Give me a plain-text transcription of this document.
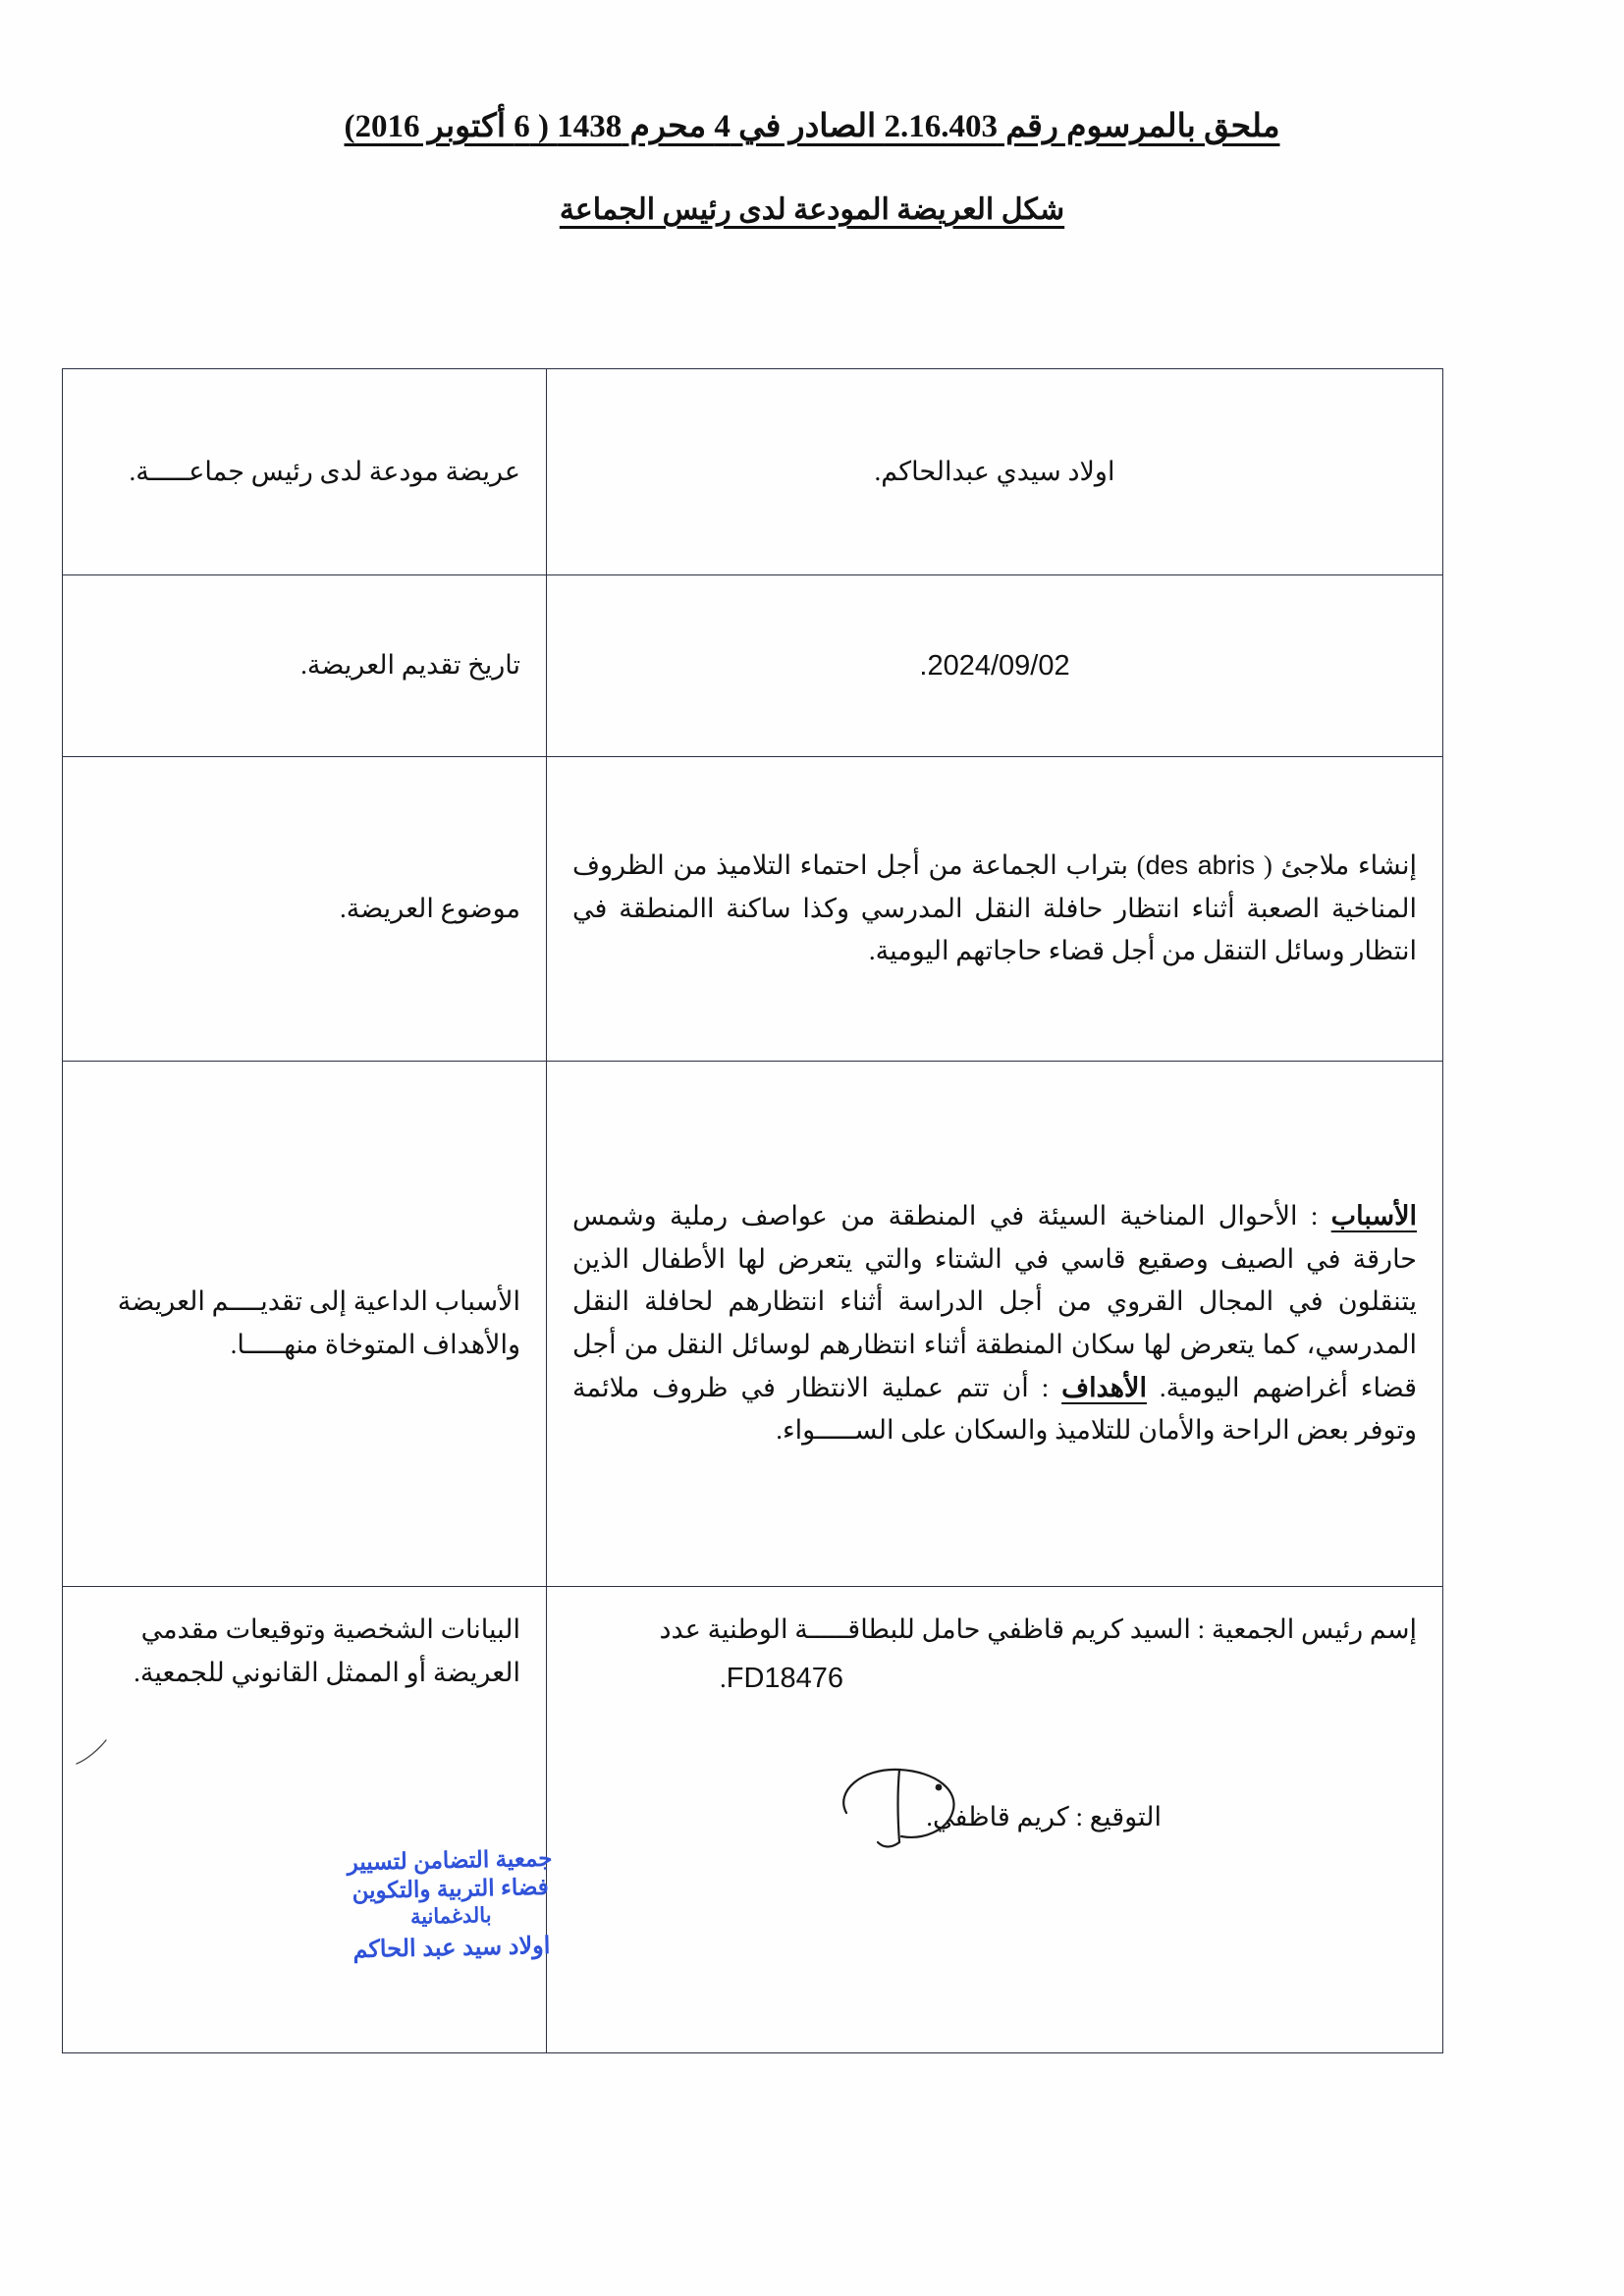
ملحق بالمرسوم رقم 2.16.403 الصادر في 4 محرم 1438 ( 6 أكتوبر 2016)
شكل العريضة المودعة لدى رئيس الجماعة
اولاد سيدي عبدالحاكم.	عريضة مودعة لدى رئيس جماعـــــة.
2024/09/02.	تاريخ تقديم العريضة.
إنشاء ملاجئ ( des abris) بتراب الجماعة من أجل احتماء التلاميذ من الظروف المناخية الصعبة أثناء انتظار حافلة النقل المدرسي وكذا ساكنة االمنطقة في انتظار وسائل التنقل من أجل قضاء حاجاتهم اليومية.	موضوع العريضة.
الأسباب : الأحوال المناخية السيئة في المنطقة من عواصف رملية وشمس حارقة في الصيف وصقيع قاسي في الشتاء والتي يتعرض لها الأطفال الذين يتنقلون في المجال القروي من أجل الدراسة أثناء انتظارهم لحافلة النقل المدرسي، كما يتعرض لها سكان المنطقة أثناء انتظارهم لوسائل النقل من أجل قضاء أغراضهم اليومية. الأهداف : أن تتم عملية الانتظار في ظروف ملائمة وتوفر بعض الراحة والأمان للتلاميذ والسكان على الســـــواء.	الأسباب الداعية إلى تقديــــم العريضة والأهداف المتوخاة منهـــــا.

إسم رئيس الجمعية : السيد كريم قاظفي حامل للبطاقـــــة الوطنية عدد

FD18476.

التوقيع : كريم قاظفي.	البيانات الشخصية وتوقيعات مقدمي العريضة أو الممثل القانوني للجمعية.
جمعية التضامن لتسيير
فضاء التربية والتكوين
بالدغمانية
اولاد سيد عبد الحاكم
